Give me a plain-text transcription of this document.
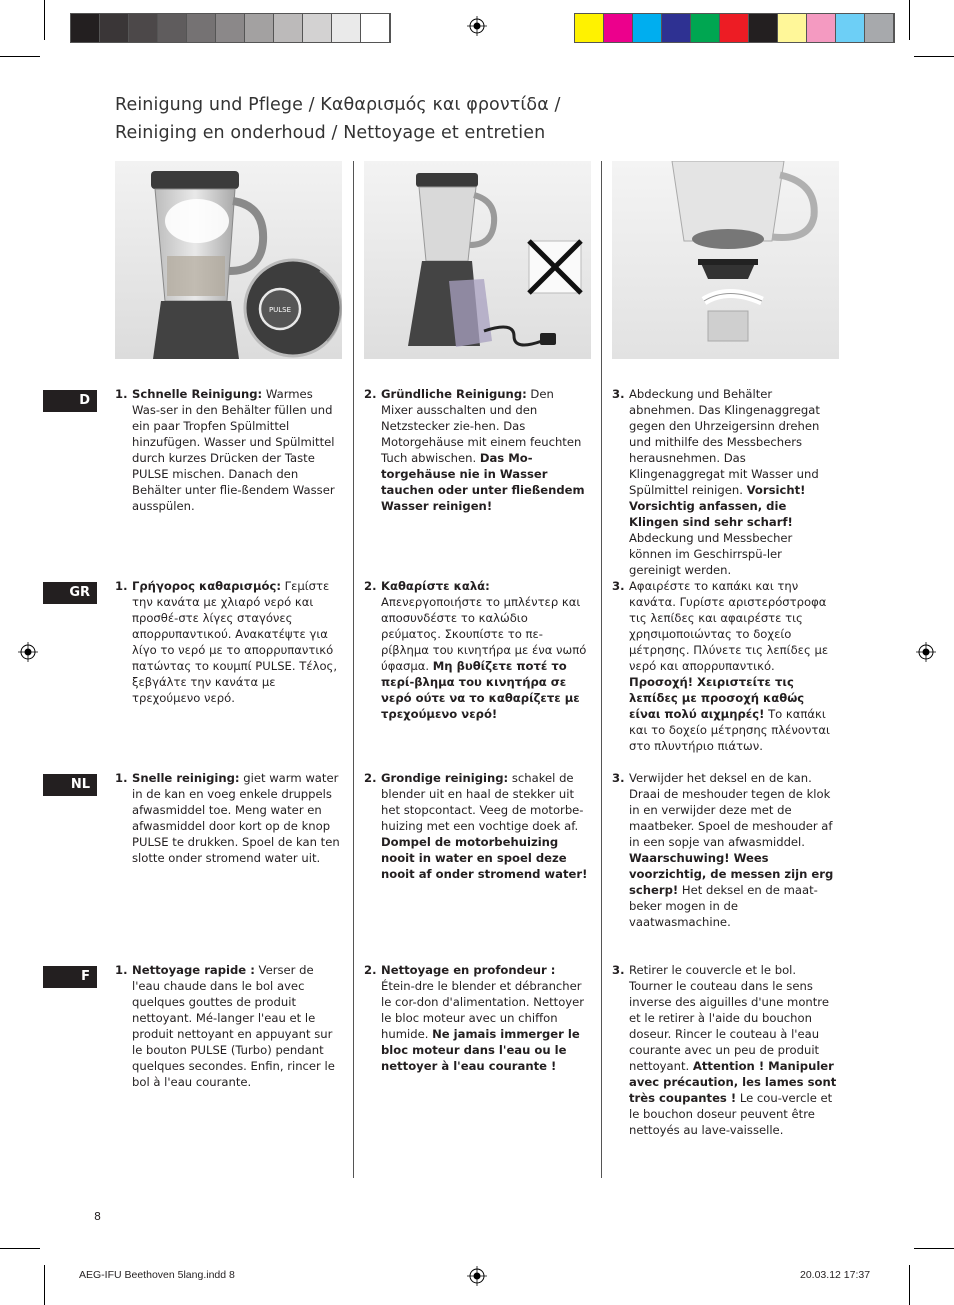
Reinigung und Pflege / Καθαρισμός και φροντίδα /
Reiniging en onderhoud / Nettoyage et entretien
PULSE
D	1. Schnelle Reinigung: Warmes Was-ser in den Behälter füllen und ein paar Tropfen Spülmittel hinzufügen. Wasser und Spülmittel durch kurzes Drücken der Taste PULSE mischen. Danach den Behälter unter flie-ßendem Wasser ausspülen.
2. Gründliche Reinigung: Den Mixer ausschalten und den Netzstecker zie-hen. Das Motorgehäuse mit einem feuchten Tuch abwischen. Das Mo-torgehäuse nie in Wasser tauchen oder unter fließendem Wasser reinigen!
3. Abdeckung und Behälter abnehmen. Das Klingenaggregat gegen den Uhrzeigersinn drehen und mithilfe des Messbechers herausnehmen. Das Klingenaggregat mit Wasser und Spülmittel reinigen. Vorsicht! Vorsichtig anfassen, die Klingen sind sehr scharf! Abdeckung und Messbecher können im Geschirrspü-ler gereinigt werden.
GR	1. Γρήγορος καθαρισμός: Γεμίστε την κανάτα με χλιαρό νερό και προσθέ-στε λίγες σταγόνες απορρυπαντικού. Ανακατέψτε για λίγο το νερό με το απορρυπαντικό πατώντας το κουμπί PULSE. Τέλος, ξεβγάλτε την κανάτα με τρεχούμενο νερό.
2. Καθαρίστε καλά: Απενεργοποιήστε το μπλέντερ και αποσυνδέστε το καλώδιο ρεύματος. Σκουπίστε το πε-ρίβλημα του κινητήρα με ένα νωπό ύφασμα. Μη βυθίζετε ποτέ το περί-βλημα του κινητήρα σε νερό ούτε να το καθαρίζετε με τρεχούμενο νερό!
3. Αφαιρέστε το καπάκι και την κανάτα. Γυρίστε αριστερόστροφα τις λεπίδες και αφαιρέστε τις χρησιμοποιώντας το δοχείο μέτρησης. Πλύνετε τις λεπίδες με νερό και απορρυπαντικό. Προσοχή! Χειριστείτε τις λεπίδες με προσοχή καθώς είναι πολύ αιχμηρές! Το καπάκι και το δοχείο μέτρησης πλένονται στο πλυντήριο πιάτων.
NL	1. Snelle reiniging: giet warm water in de kan en voeg enkele druppels afwasmiddel toe. Meng water en afwasmiddel door kort op de knop PULSE te drukken. Spoel de kan ten slotte onder stromend water uit.
2. Grondige reiniging: schakel de blender uit en haal de stekker uit het stopcontact. Veeg de motorbe-huizing met een vochtige doek af. Dompel de motorbehuizing nooit in water en spoel deze nooit af onder stromend water!
3. Verwijder het deksel en de kan. Draai de meshouder tegen de klok in en verwijder deze met de maatbeker. Spoel de meshouder af in een sopje van afwasmiddel. Waarschuwing! Wees voorzichtig, de messen zijn erg scherp! Het deksel en de maat-beker mogen in de vaatwasmachine.
F	1. Nettoyage rapide : Verser de l'eau chaude dans le bol avec quelques gouttes de produit nettoyant. Mé-langer l'eau et le produit nettoyant en appuyant sur le bouton PULSE (Turbo) pendant quelques secondes. Enfin, rincer le bol à l'eau courante.
2. Nettoyage en profondeur : Étein-dre le blender et débrancher le cor-don d'alimentation. Nettoyer le bloc moteur avec un chiffon humide. Ne jamais immerger le bloc moteur dans l'eau ou le nettoyer à l'eau courante !
3. Retirer le couvercle et le bol. Tourner le couteau dans le sens inverse des aiguilles d'une montre et le retirer à l'aide du bouchon doseur. Rincer le couteau à l'eau courante avec un peu de produit nettoyant. Attention ! Manipuler avec précaution, les lames sont très coupantes ! Le cou-vercle et le bouchon doseur peuvent être nettoyés au lave-vaisselle.
8
AEG-IFU Beethoven 5lang.indd 8	20.03.12 17:37
